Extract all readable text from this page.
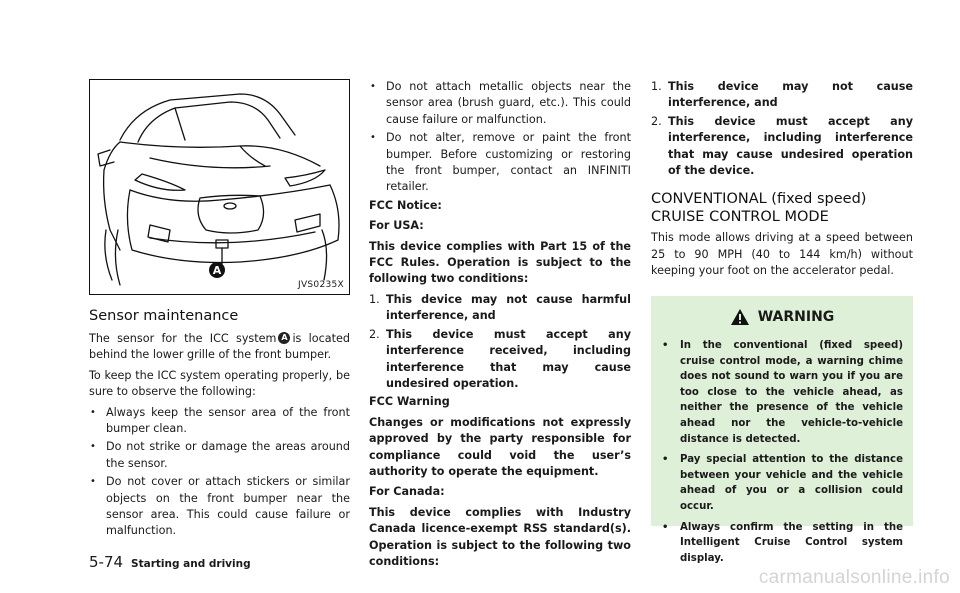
A
JVS0235X
Sensor maintenance

The sensor for the ICC system A is located behind the lower grille of the front bumper.

To keep the ICC system operating properly, be sure to observe the following:

• Always keep the sensor area of the front bumper clean.
• Do not strike or damage the areas around the sensor.
• Do not cover or attach stickers or similar objects on the front bumper near the sensor area. This could cause failure or malfunction.
• Do not attach metallic objects near the sensor area (brush guard, etc.). This could cause failure or malfunction.
• Do not alter, remove or paint the front bumper. Before customizing or restoring the front bumper, contact an INFINITI retailer.

FCC Notice:

For USA:

This device complies with Part 15 of the FCC Rules. Operation is subject to the following two conditions:

1. This device may not cause harmful interference, and
2. This device must accept any interference received, including interference that may cause undesired operation.

FCC Warning

Changes or modifications not expressly approved by the party responsible for compliance could void the user’s authority to operate the equipment.

For Canada:

This device complies with Industry Canada licence-exempt RSS standard(s). Operation is subject to the following two conditions:

1. This device may not cause interference, and
2. This device must accept any interference, including interference that may cause undesired operation of the device.
CONVENTIONAL (fixed speed)
CRUISE CONTROL MODE

This mode allows driving at a speed between 25 to 90 MPH (40 to 144 km/h) without keeping your foot on the accelerator pedal.

WARNING
• In the conventional (fixed speed) cruise control mode, a warning chime does not sound to warn you if you are too close to the vehicle ahead, as neither the presence of the vehicle ahead nor the vehicle-to-vehicle distance is detected.
• Pay special attention to the distance between your vehicle and the vehicle ahead of you or a collision could occur.
• Always confirm the setting in the Intelligent Cruise Control system display.
5-74 Starting and driving
carmanualsonline.info
